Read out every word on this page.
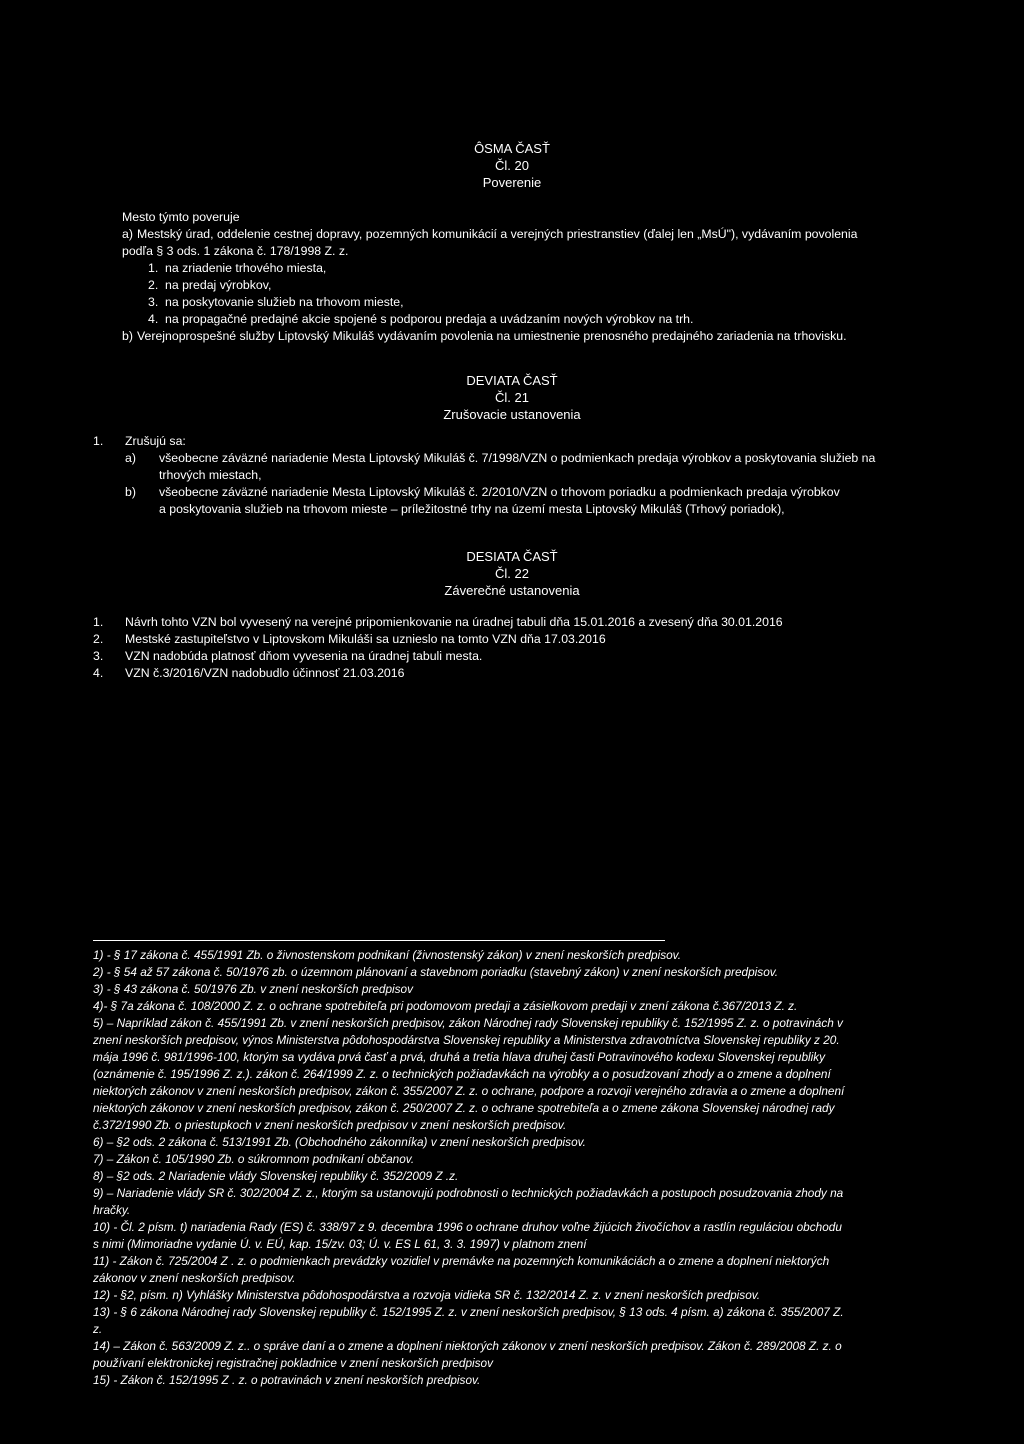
ÔSMA ČASŤ
Čl. 20
Poverenie
Mesto týmto poveruje
a) Mestský úrad, oddelenie cestnej dopravy, pozemných komunikácií a verejných priestranstiev (ďalej len „MsÚ"), vydávaním povolenia
podľa § 3 ods. 1 zákona č. 178/1998 Z. z.
1. na zriadenie trhového miesta,
2. na predaj výrobkov,
3. na poskytovanie služieb na trhovom mieste,
4. na propagačné predajné akcie spojené s podporou predaja a uvádzaním nových výrobkov na trh.
b) Verejnoprospešné služby Liptovský Mikuláš vydávaním povolenia na umiestnenie prenosného predajného zariadenia na trhovisku.
DEVIATA ČASŤ
Čl. 21
Zrušovacie ustanovenia
1. Zrušujú sa:
a) všeobecne záväzné nariadenie Mesta Liptovský Mikuláš č. 7/1998/VZN o podmienkach predaja výrobkov a poskytovania služieb na
trhových miestach,
b) všeobecne záväzné nariadenie Mesta Liptovský Mikuláš č. 2/2010/VZN o trhovom poriadku a podmienkach predaja výrobkov
a poskytovania služieb na trhovom mieste – príležitostné trhy na území mesta Liptovský Mikuláš (Trhový poriadok),
DESIATA ČASŤ
Čl. 22
Záverečné ustanovenia
1. Návrh tohto VZN bol vyvesený na verejné pripomienkovanie na úradnej tabuli dňa 15.01.2016 a zvesený dňa 30.01.2016
2. Mestské zastupiteľstvo v Liptovskom Mikuláši sa uznieslo na tomto VZN dňa 17.03.2016
3. VZN nadobúda platnosť dňom vyvesenia na úradnej tabuli mesta.
4. VZN č.3/2016/VZN nadobudlo účinnosť 21.03.2016
1) - § 17 zákona č. 455/1991 Zb. o živnostenskom podnikaní (živnostenský zákon) v znení neskorších predpisov.
2) - § 54 až 57 zákona č. 50/1976 zb. o územnom plánovaní a stavebnom poriadku (stavebný zákon) v znení neskorších predpisov.
3) - § 43 zákona č. 50/1976 Zb. v znení neskorších predpisov
4)- § 7a zákona č. 108/2000 Z. z. o ochrane spotrebiteľa pri podomovom predaji a zásielkovom predaji v znení zákona č.367/2013 Z. z.
5) – Napríklad zákon č. 455/1991 Zb. v znení neskorších predpisov, zákon Národnej rady Slovenskej republiky č. 152/1995 Z. z. o potravinách v
znení neskorších predpisov, výnos Ministerstva pôdohospodárstva Slovenskej republiky a Ministerstva zdravotníctva Slovenskej republiky z 20.
mája 1996 č. 981/1996-100, ktorým sa vydáva prvá časť a prvá, druhá a tretia hlava druhej časti Potravinového kodexu Slovenskej republiky
(oznámenie č. 195/1996 Z. z.). zákon č. 264/1999 Z. z. o technických požiadavkách na výrobky a o posudzovaní zhody a o zmene a doplnení
niektorých zákonov v znení neskorších predpisov, zákon č. 355/2007 Z. z. o ochrane, podpore a rozvoji verejného zdravia a o zmene a doplnení
niektorých zákonov v znení neskorších predpisov, zákon č. 250/2007 Z. z. o ochrane spotrebiteľa a o zmene zákona Slovenskej národnej rady
č.372/1990 Zb. o priestupkoch v znení neskorších predpisov v znení neskorších predpisov.
6) – §2 ods. 2 zákona č. 513/1991 Zb. (Obchodného zákonníka) v znení neskorších predpisov.
7) – Zákon č. 105/1990 Zb. o súkromnom podnikaní občanov.
8) – §2 ods. 2 Nariadenie vlády Slovenskej republiky č. 352/2009 Z .z.
9) – Nariadenie vlády SR č. 302/2004 Z. z., ktorým sa ustanovujú podrobnosti o technických požiadavkách a postupoch posudzovania zhody na
hračky.
10) - Čl. 2 písm. t) nariadenia Rady (ES) č. 338/97 z 9. decembra 1996 o ochrane druhov voľne žijúcich živočíchov a rastlín reguláciou obchodu
s nimi (Mimoriadne vydanie Ú. v. EÚ, kap. 15/zv. 03; Ú. v. ES L 61, 3. 3. 1997) v platnom znení
11) - Zákon č. 725/2004 Z . z. o podmienkach prevádzky vozidiel v premávke na pozemných komunikáciách a o zmene a doplnení niektorých
zákonov v znení neskorších predpisov.
12) - §2, písm. n) Vyhlášky Ministerstva pôdohospodárstva a rozvoja vidieka SR č. 132/2014 Z. z. v znení neskorších predpisov.
13) - § 6 zákona Národnej rady Slovenskej republiky č. 152/1995 Z. z. v znení neskorších predpisov, § 13 ods. 4 písm. a) zákona č. 355/2007 Z.
z.
14) – Zákon č. 563/2009 Z. z.. o správe daní a o zmene a doplnení niektorých zákonov v znení neskorších predpisov. Zákon č. 289/2008 Z. z. o
používaní elektronickej registračnej pokladnice v znení neskorších predpisov
15) - Zákon č. 152/1995 Z . z. o potravinách v znení neskorších predpisov.
